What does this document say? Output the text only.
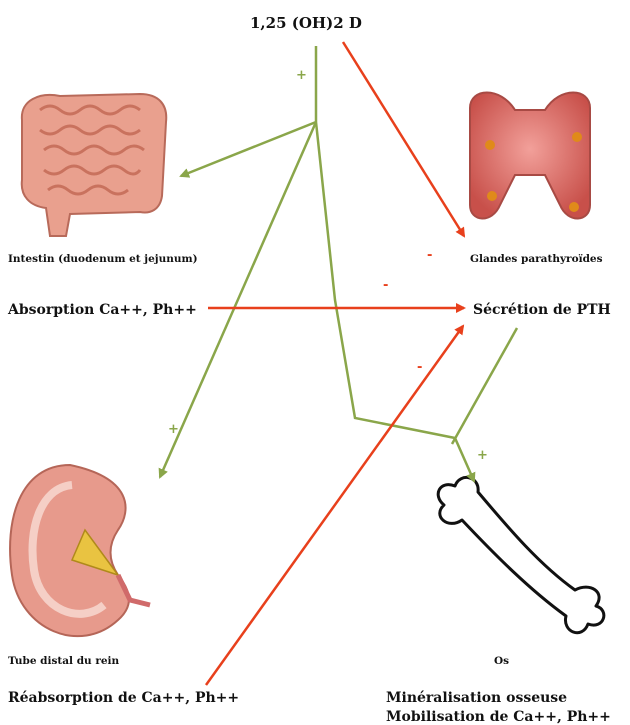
1,25 (OH)2 D
Intestin (duodenum et jejunum)	Glandes parathyroïdes
Absorption Ca++, Ph++	Sécrétion de PTH
Tube distal du rein	Os
Réabsorption de Ca++, Ph++	Minéralisation osseuse
Mobilisation de Ca++, Ph++
+
+
+
-
-
-
